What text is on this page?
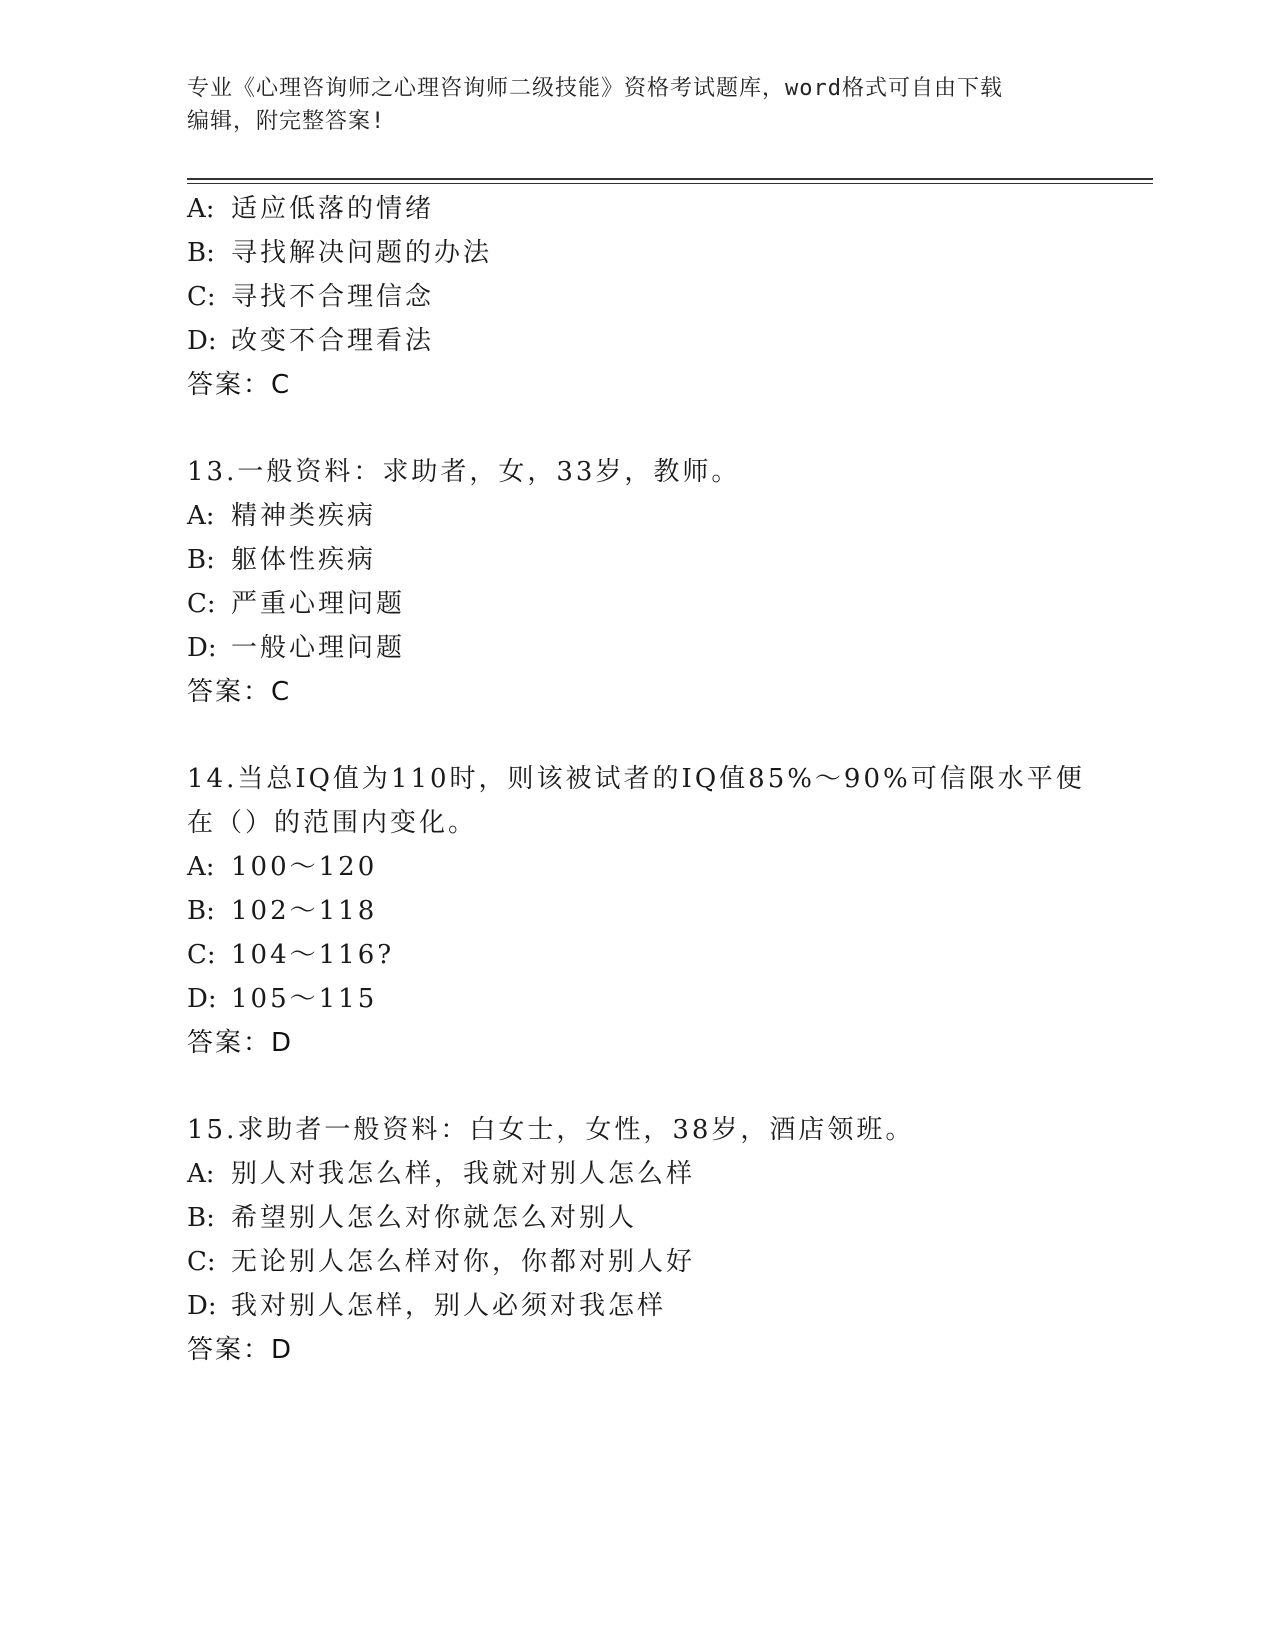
专业《心理咨询师之心理咨询师二级技能》资格考试题库，word格式可自由下载
编辑，附完整答案!
A: 适应低落的情绪
B: 寻找解决问题的办法
C: 寻找不合理信念
D: 改变不合理看法
答案：C
13.一般资料：求助者，女，33岁，教师。
A: 精神类疾病
B: 躯体性疾病
C: 严重心理问题
D: 一般心理问题
答案：C
14.当总IQ值为110时，则该被试者的IQ值85%～90%可信限水平便
在（）的范围内变化。
A: 100～120
B: 102～118
C: 104～116?
D: 105～115
答案：D
15.求助者一般资料：白女士，女性，38岁，酒店领班。
A: 别人对我怎么样，我就对别人怎么样
B: 希望别人怎么对你就怎么对别人
C: 无论别人怎么样对你，你都对别人好
D: 我对别人怎样，别人必须对我怎样
答案：D
